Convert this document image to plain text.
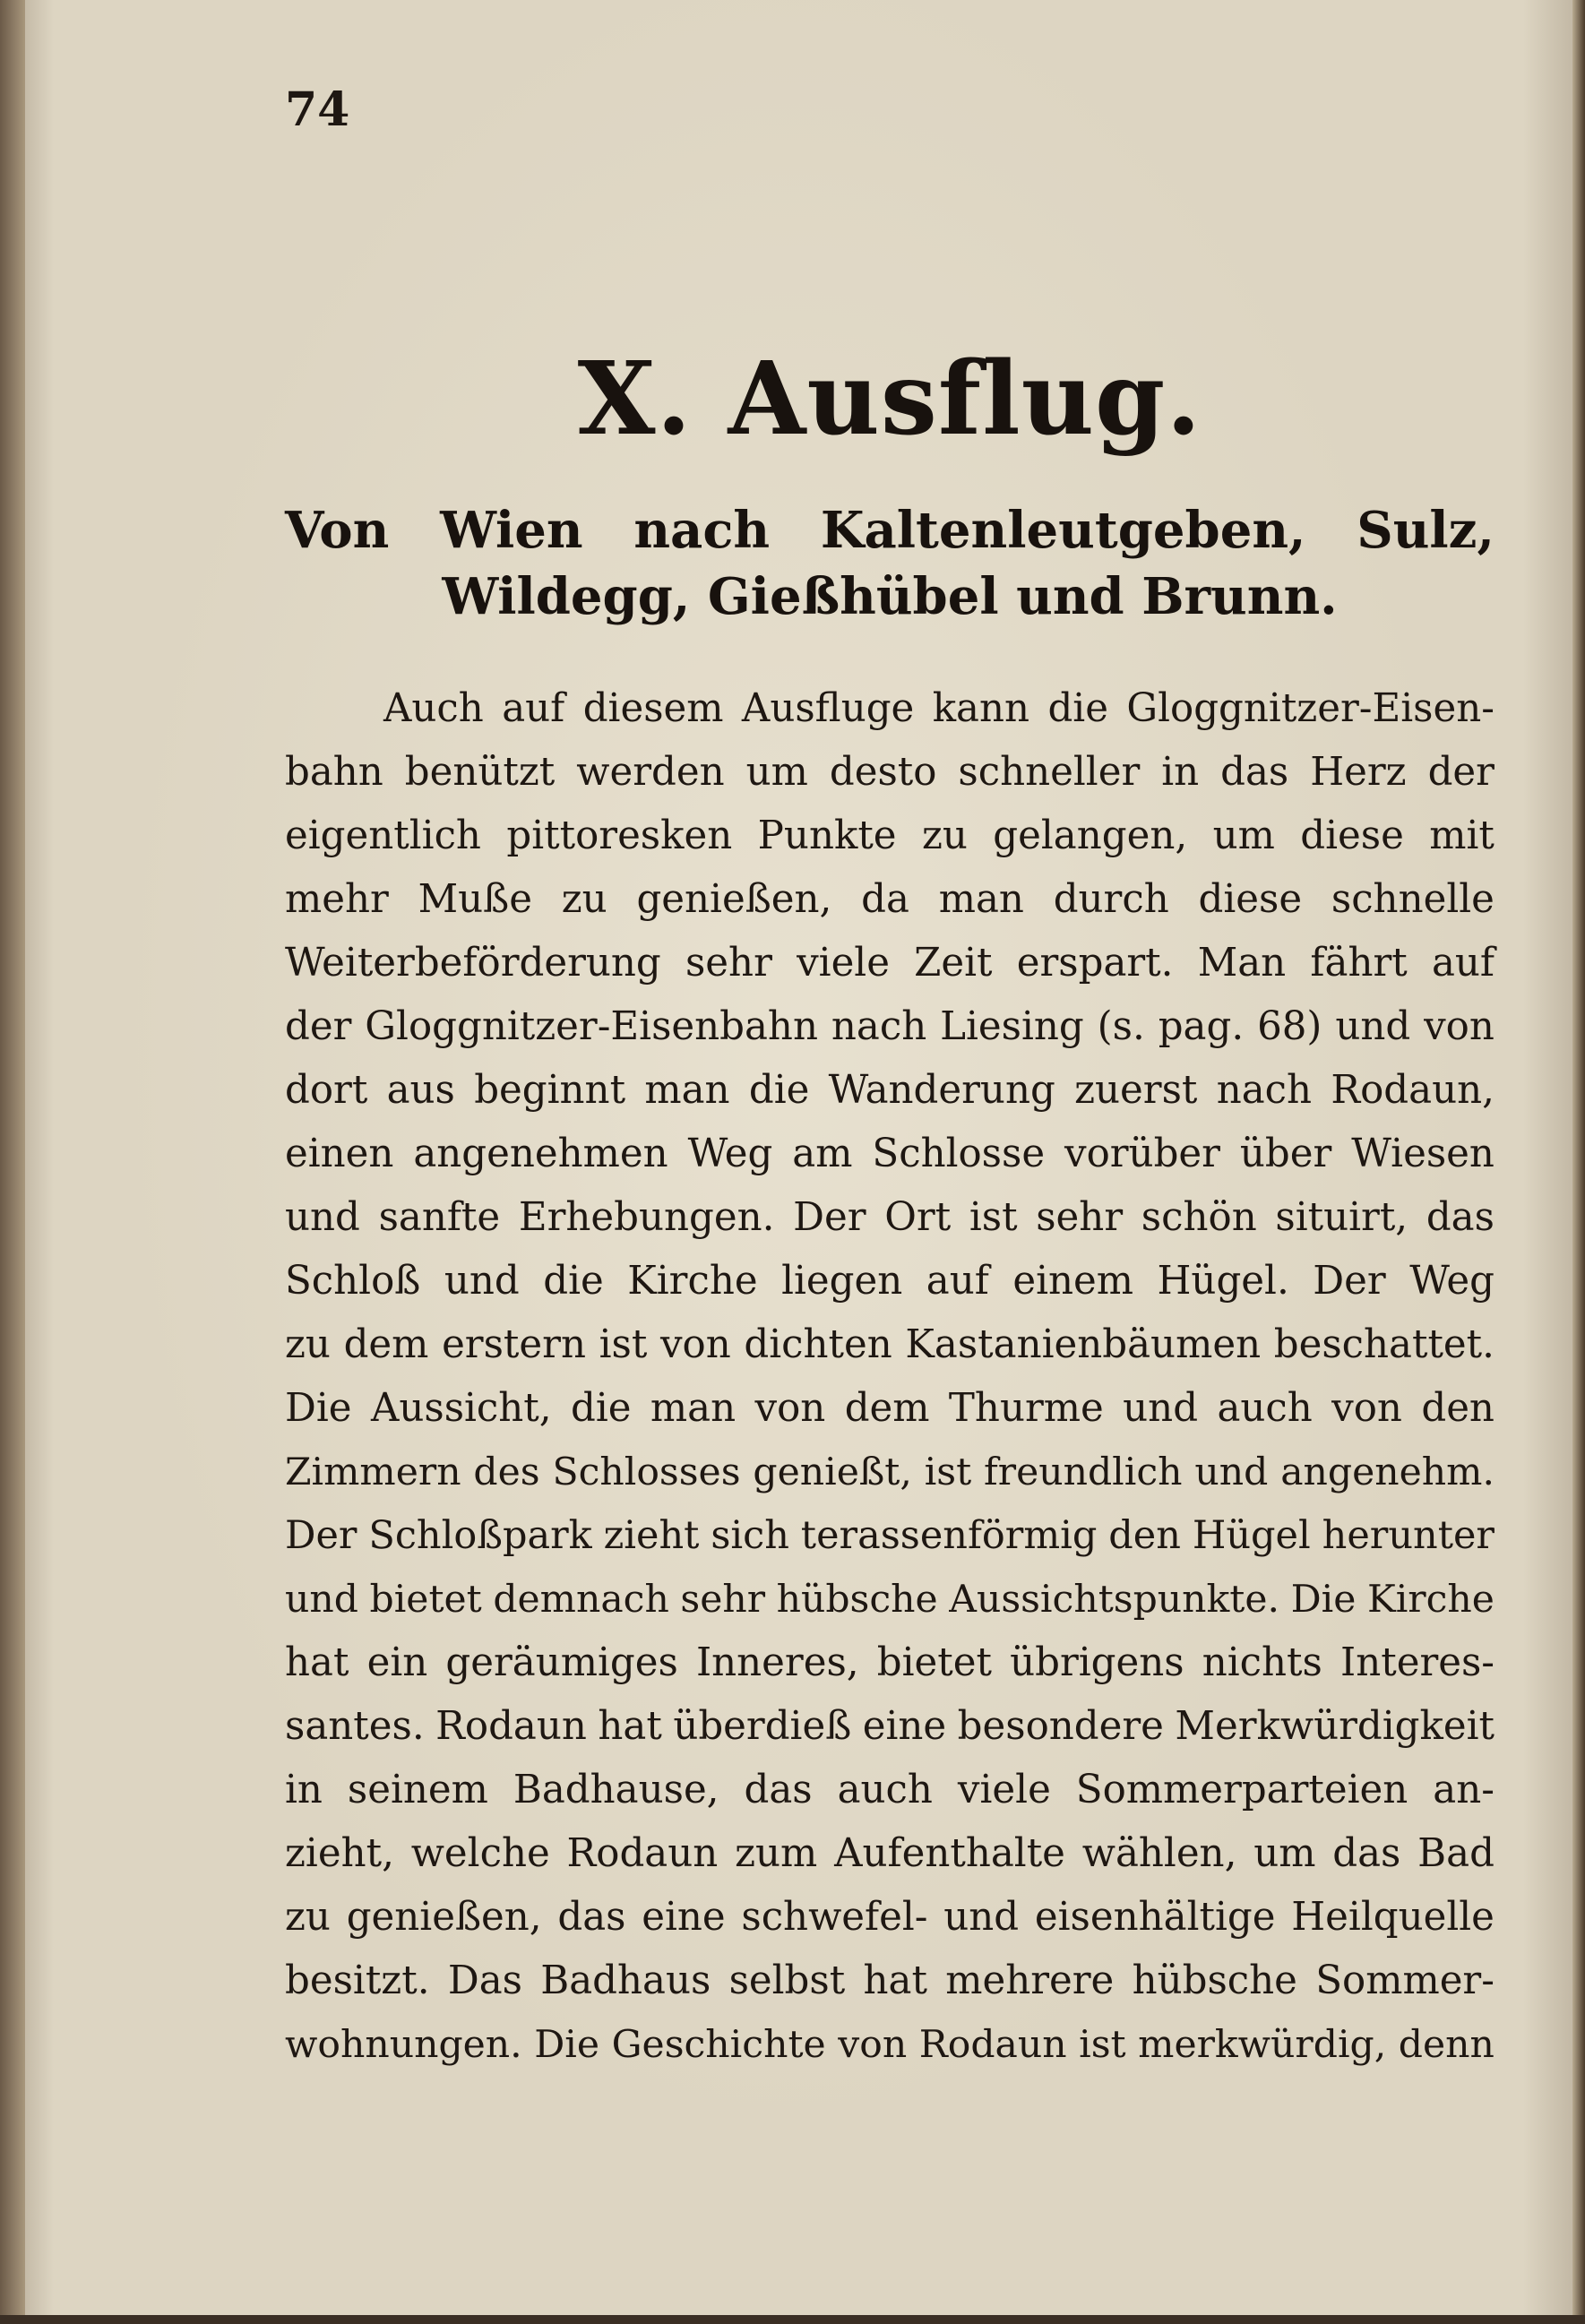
74
X. Ausflug.
Von Wien nach Kaltenleutgeben, Sulz,
Wildegg, Gießhübel und Brunn.
Auch auf diesem Ausfluge kann die Gloggnitzer-Eisen-
bahn benützt werden um desto schneller in das Herz der
eigentlich pittoresken Punkte zu gelangen, um diese mit
mehr Muße zu genießen, da man durch diese schnelle
Weiterbeförderung sehr viele Zeit erspart. Man fährt auf
der Gloggnitzer-Eisenbahn nach Liesing (s. pag. 68) und von
dort aus beginnt man die Wanderung zuerst nach Rodaun,
einen angenehmen Weg am Schlosse vorüber über Wiesen
und sanfte Erhebungen. Der Ort ist sehr schön situirt, das
Schloß und die Kirche liegen auf einem Hügel. Der Weg
zu dem erstern ist von dichten Kastanienbäumen beschattet.
Die Aussicht, die man von dem Thurme und auch von den
Zimmern des Schlosses genießt, ist freundlich und angenehm.
Der Schloßpark zieht sich terassenförmig den Hügel herunter
und bietet demnach sehr hübsche Aussichtspunkte. Die Kirche
hat ein geräumiges Inneres, bietet übrigens nichts Interes-
santes. Rodaun hat überdieß eine besondere Merkwürdigkeit
in seinem Badhause, das auch viele Sommerparteien an-
zieht, welche Rodaun zum Aufenthalte wählen, um das Bad
zu genießen, das eine schwefel- und eisenhältige Heilquelle
besitzt. Das Badhaus selbst hat mehrere hübsche Sommer-
wohnungen. Die Geschichte von Rodaun ist merkwürdig, denn
